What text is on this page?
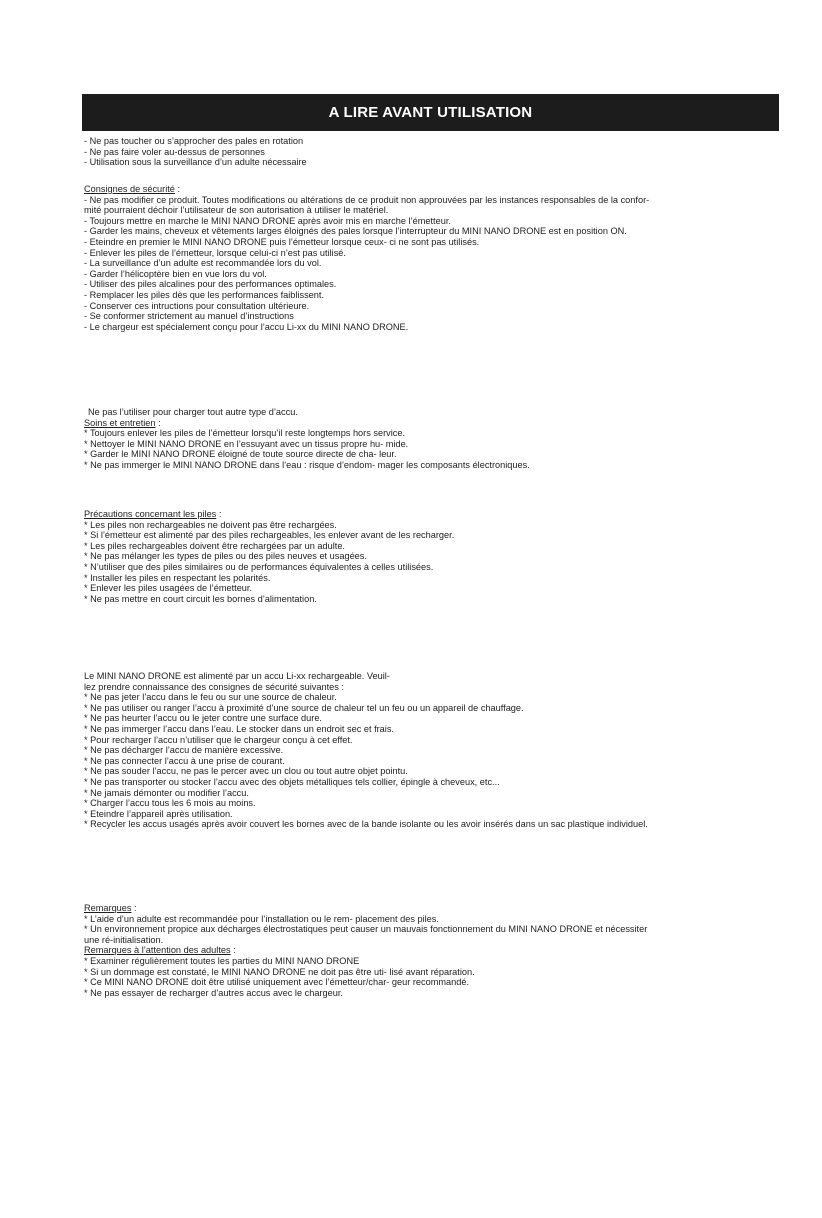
A LIRE AVANT UTILISATION
- Ne pas toucher ou s’approcher des pales en rotation
- Ne pas faire voler au-dessus de personnes
- Utilisation sous la surveillance d’un adulte nécessaire
Consignes de sécurité :
- Ne pas modifier ce produit. Toutes modifications ou altérations de ce produit non approuvées par les instances responsables de la confor-
mité pourraient déchoir l’utilisateur de son autorisation à utiliser le matériel.
- Toujours mettre en marche le MINI NANO DRONE après avoir mis en marche l’émetteur.
- Garder les mains, cheveux et vêtements larges éloignés des pales lorsque l’interrupteur du MINI NANO DRONE est en position ON.
- Eteindre en premier le MINI NANO DRONE puis l’émetteur lorsque ceux- ci ne sont pas utilisés.
- Enlever les piles de l’émetteur, lorsque celui-ci n’est pas utilisé.
- La surveillance d’un adulte est recommandée lors du vol.
- Garder l’hélicoptère bien en vue lors du vol.
- Utiliser des piles alcalines pour des performances optimales.
- Remplacer les piles dès que les performances faiblissent.
- Conserver ces intructions pour consultation ultérieure.
- Se conformer strictement au manuel d’instructions
- Le chargeur est spécialement conçu pour l’accu Li-xx du MINI NANO DRONE.
Ne pas l’utiliser pour charger tout autre type d’accu.
Soins et entretien :
* Toujours enlever les piles de l’émetteur lorsqu’il reste longtemps hors service.
* Nettoyer le MINI NANO DRONE en l’essuyant avec un tissus propre hu- mide.
* Garder le MINI NANO DRONE éloigné de toute source directe de cha- leur.
* Ne pas immerger le MINI NANO DRONE dans l’eau : risque d’endom- mager les composants électroniques.
Précautions concernant les piles :
* Les piles non rechargeables ne doivent pas être rechargées.
* Si l’émetteur est alimenté par des piles rechargeables, les enlever avant de les recharger.
* Les piles rechargeables doivent être rechargées par un adulte.
* Ne pas mélanger les types de piles ou des piles neuves et usagées.
* N’utiliser que des piles similaires ou de performances équivalentes à celles utilisées.
* Installer les piles en respectant les polarités.
* Enlever les piles usagées de l’émetteur.
* Ne pas mettre en court circuit les bornes d’alimentation.
Le MINI NANO DRONE est alimenté par un accu Li-xx rechargeable. Veuil-
lez prendre connaissance des consignes de sécurité suivantes :
* Ne pas jeter l’accu dans le feu ou sur une source de chaleur.
* Ne pas utiliser ou ranger l’accu à proximité d’une source de chaleur tel un feu ou un appareil de chauffage.
* Ne pas heurter l’accu ou le jeter contre une surface dure.
* Ne pas immerger l’accu dans l’eau. Le stocker dans un endroit sec et frais.
* Pour recharger l’accu n’utiliser que le chargeur conçu à cet effet.
* Ne pas décharger l’accu de manière excessive.
* Ne pas connecter l’accu à une prise de courant.
* Ne pas souder l’accu, ne pas le percer avec un clou ou tout autre objet pointu.
* Ne pas transporter ou stocker l’accu avec des objets métalliques tels collier, épingle à cheveux, etc...
* Ne jamais démonter ou modifier l’accu.
* Charger l’accu tous les 6 mois au moins.
* Eteindre l’appareil après utilisation.
* Recycler les accus usagés après avoir couvert les bornes avec de la bande isolante ou les avoir insérés dans un sac plastique individuel.
Remarques :
* L’aide d’un adulte est recommandée pour l’installation ou le rem- placement des piles.
* Un environnement propice aux décharges électrostatiques peut causer un mauvais fonctionnement du MINI NANO DRONE et nécessiter
une ré-initialisation.
Remarques à l’attention des adultes :
* Examiner régulièrement toutes les parties du MINI NANO DRONE
* Si un dommage est constaté, le MINI NANO DRONE ne doit pas être uti- lisé avant réparation.
* Ce MINI NANO DRONE doit être utilisé uniquement avec l’émetteur/char- geur recommandé.
* Ne pas essayer de recharger d’autres accus avec le chargeur.
